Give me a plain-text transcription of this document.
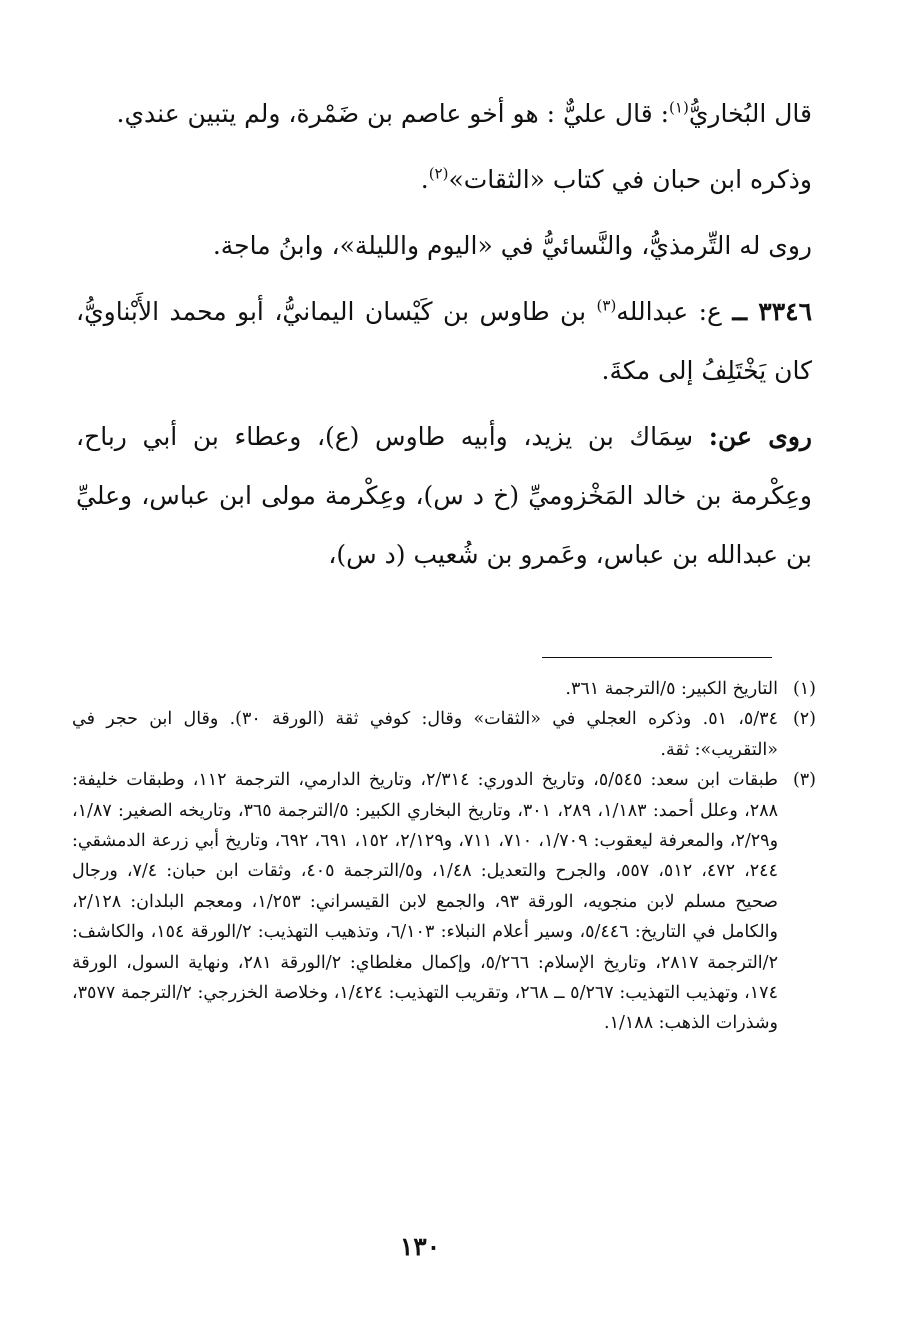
قال البُخاريُّ$^{(١)}$: قال عليٌّ : هو أخو عاصم بن ضَمْرة، ولم يتبين عندي.

وذكره ابن حبان في كتاب «الثقات»$^{(٢)}$.

روى له التِّرمذيُّ، والنَّسائيُّ في «اليوم والليلة»، وابنُ ماجة.

٣٣٤٦ ــ ع: عبدالله$^{(٣)}$ بن طاوس بن كَيْسان اليمانيُّ، أبو محمد الأَبْناويُّ، كان يَخْتَلِفُ إلى مكةَ.

روى عن: سِمَاك بن يزيد، وأبيه طاوس (ع)، وعطاء بن أبي رباح، وعِكْرمة بن خالد المَخْزوميِّ (خ د س)، وعِكْرمة مولى ابن عباس، وعليِّ بن عبدالله بن عباس، وعَمرو بن شُعيب (د س)،

(١)
التاريخ الكبير: ٥/الترجمة ٣٦١.
(٢)
٥/٣٤، ٥١. وذكره العجلي في «الثقات» وقال: كوفي ثقة (الورقة ٣٠). وقال ابن حجر في «التقريب»: ثقة.
(٣)
طبقات ابن سعد: ٥/٥٤٥، وتاريخ الدوري: ٢/٣١٤، وتاريخ الدارمي، الترجمة ١١٢، وطبقات خليفة: ٢٨٨، وعلل أحمد: ١/١٨٣، ٢٨٩، ٣٠١، وتاريخ البخاري الكبير: ٥/الترجمة ٣٦٥، وتاريخه الصغير: ١/٨٧، و٢/٢٩، والمعرفة ليعقوب: ١/٧٠٩، ٧١٠، ٧١١، و٢/١٢٩، ١٥٢، ٦٩١، ٦٩٢، وتاريخ أبي زرعة الدمشقي: ٢٤٤، ٤٧٢، ٥١٢، ٥٥٧، والجرح والتعديل: ١/٤٨، و٥/الترجمة ٤٠٥، وثقات ابن حبان: ٧/٤، ورجال صحيح مسلم لابن منجويه، الورقة ٩٣، والجمع لابن القيسراني: ١/٢٥٣، ومعجم البلدان: ٢/١٢٨، والكامل في التاريخ: ٥/٤٤٦، وسير أعلام النبلاء: ٦/١٠٣، وتذهيب التهذيب: ٢/الورقة ١٥٤، والكاشف: ٢/الترجمة ٢٨١٧، وتاريخ الإسلام: ٥/٢٦٦، وإكمال مغلطاي: ٢/الورقة ٢٨١، ونهاية السول، الورقة ١٧٤، وتهذيب التهذيب: ٥/٢٦٧ ــ ٢٦٨، وتقريب التهذيب: ١/٤٢٤، وخلاصة الخزرجي: ٢/الترجمة ٣٥٧٧، وشذرات الذهب: ١/١٨٨.
١٣٠
